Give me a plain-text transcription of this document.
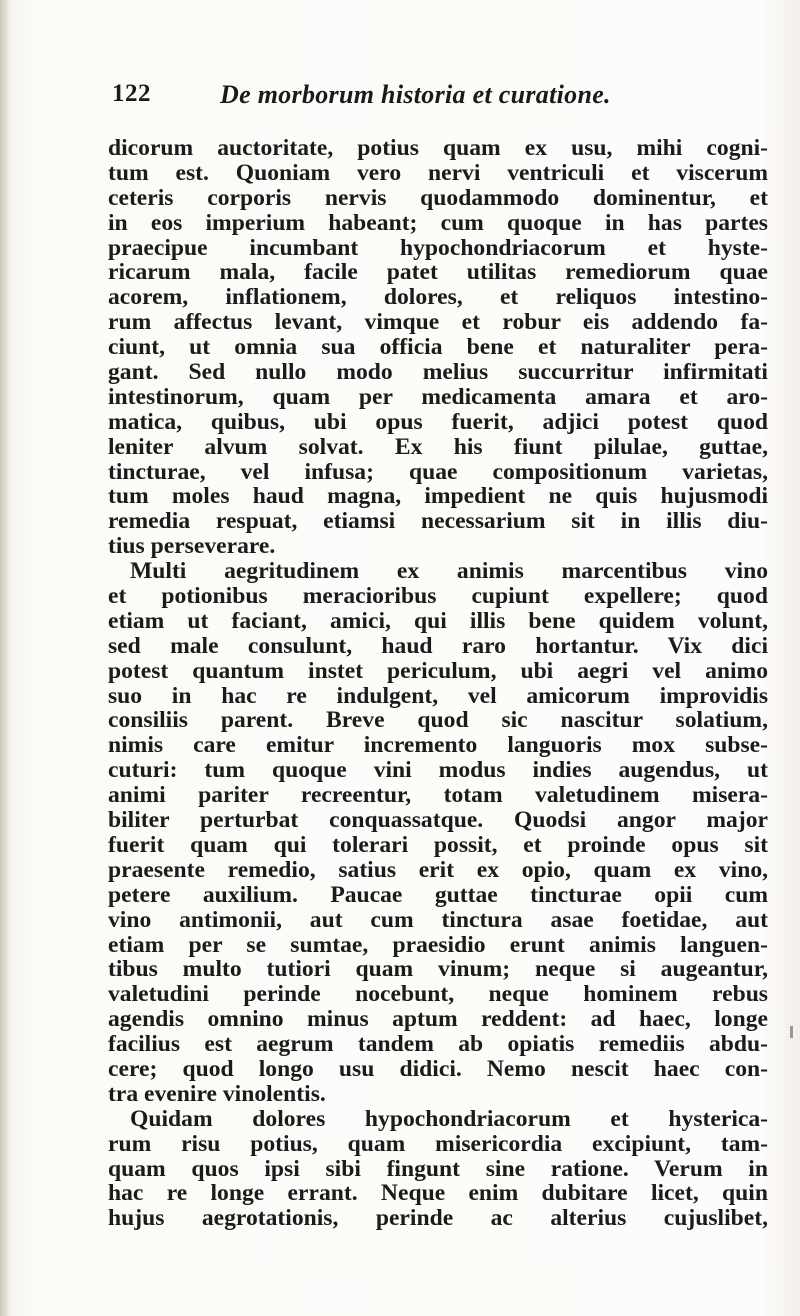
122	De morborum historia et curatione.
dicorum auctoritate, potius quam ex usu, mihi cogni-
tum est. Quoniam vero nervi ventriculi et viscerum
ceteris corporis nervis quodammodo dominentur, et
in eos imperium habeant; cum quoque in has partes
praecipue incumbant hypochondriacorum et hyste-
ricarum mala, facile patet utilitas remediorum quae
acorem, inflationem, dolores, et reliquos intestino-
rum affectus levant, vimque et robur eis addendo fa-
ciunt, ut omnia sua officia bene et naturaliter pera-
gant. Sed nullo modo melius succurritur infirmitati
intestinorum, quam per medicamenta amara et aro-
matica, quibus, ubi opus fuerit, adjici potest quod
leniter alvum solvat. Ex his fiunt pilulae, guttae,
tincturae, vel infusa; quae compositionum varietas,
tum moles haud magna, impedient ne quis hujusmodi
remedia respuat, etiamsi necessarium sit in illis diu-
tius perseverare.
Multi aegritudinem ex animis marcentibus vino
et potionibus meracioribus cupiunt expellere; quod
etiam ut faciant, amici, qui illis bene quidem volunt,
sed male consulunt, haud raro hortantur. Vix dici
potest quantum instet periculum, ubi aegri vel animo
suo in hac re indulgent, vel amicorum improvidis
consiliis parent. Breve quod sic nascitur solatium,
nimis care emitur incremento languoris mox subse-
cuturi: tum quoque vini modus indies augendus, ut
animi pariter recreentur, totam valetudinem misera-
biliter perturbat conquassatque. Quodsi angor major
fuerit quam qui tolerari possit, et proinde opus sit
praesente remedio, satius erit ex opio, quam ex vino,
petere auxilium. Paucae guttae tincturae opii cum
vino antimonii, aut cum tinctura asae foetidae, aut
etiam per se sumtae, praesidio erunt animis languen-
tibus multo tutiori quam vinum; neque si augeantur,
valetudini perinde nocebunt, neque hominem rebus
agendis omnino minus aptum reddent: ad haec, longe
facilius est aegrum tandem ab opiatis remediis abdu-
cere; quod longo usu didici. Nemo nescit haec con-
tra evenire vinolentis.
Quidam dolores hypochondriacorum et hysterica-
rum risu potius, quam misericordia excipiunt, tam-
quam quos ipsi sibi fingunt sine ratione. Verum in
hac re longe errant. Neque enim dubitare licet, quin
hujus aegrotationis, perinde ac alterius cujuslibet,
